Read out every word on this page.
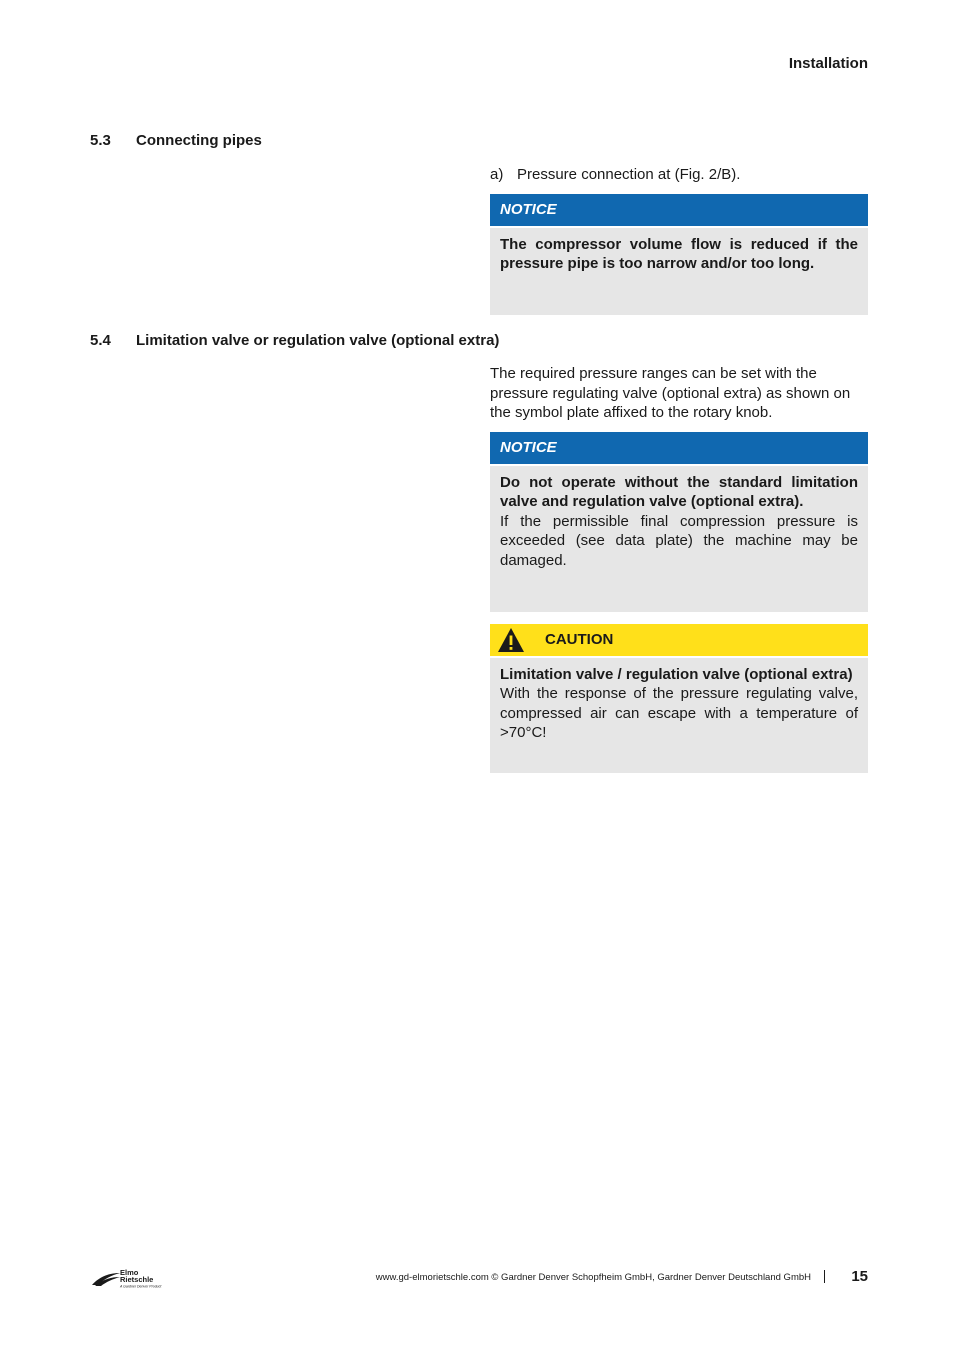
Installation
5.3	Connecting pipes
a) Pressure connection at (Fig. 2/B).
NOTICE
The compressor volume flow is reduced if the pressure pipe is too narrow and/or too long.
5.4	Limitation valve or regulation valve (optional extra)

The required pressure ranges can be set with the pressure regulating valve (optional extra) as shown on the symbol plate affixed to the rotary knob.

NOTICE
Do not operate without the standard limitation valve and regulation valve (optional extra).
If the permissible final compression pressure is exceeded (see data plate) the machine may be damaged.
CAUTION
Limitation valve / regulation valve (optional extra)
With the response of the pressure regulating valve, compressed air can escape with a temperature of >70°C!
Elmo
Rietschle
A Gardner Denver Product
www.gd-elmorietschle.com © Gardner Denver Schopfheim GmbH, Gardner Denver Deutschland GmbH	15
